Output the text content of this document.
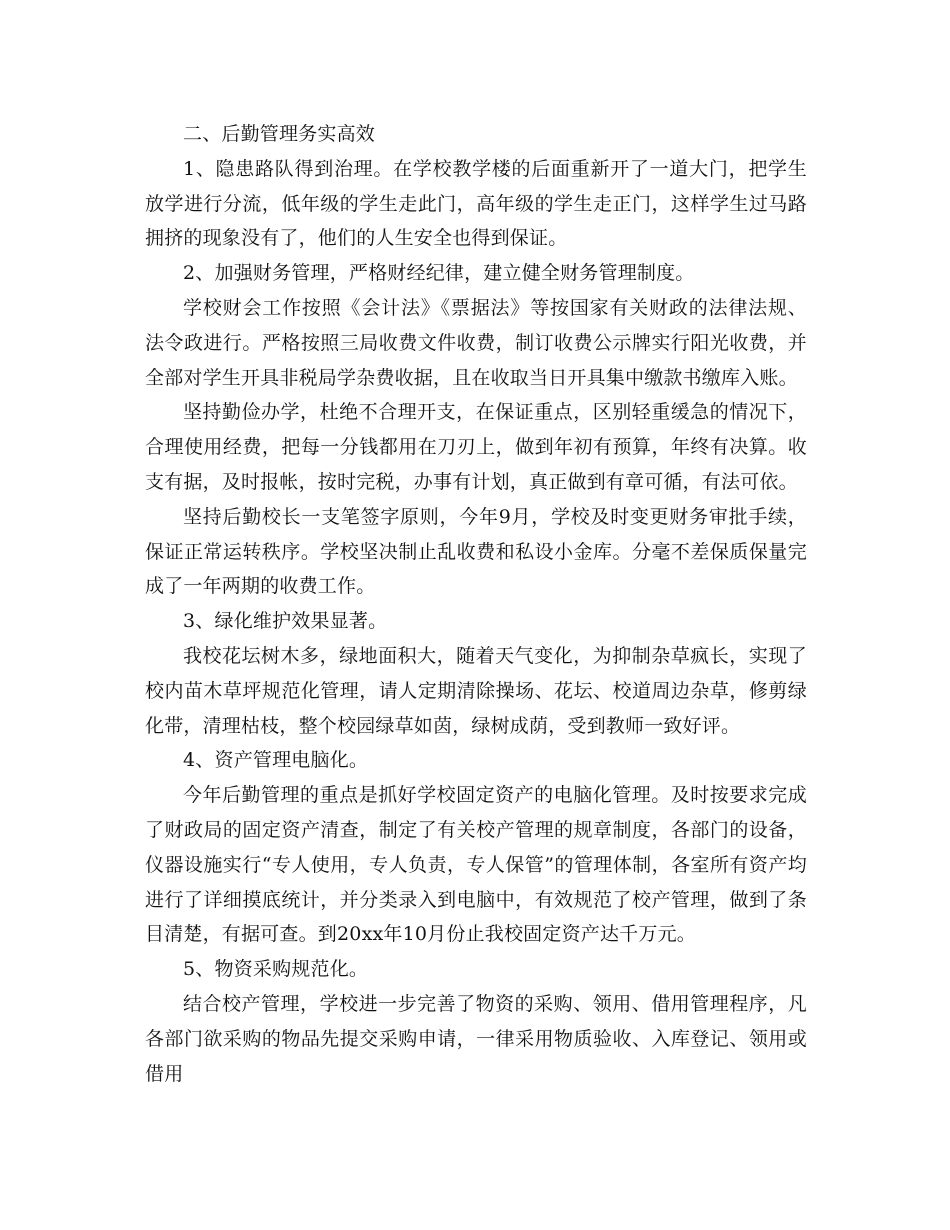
二、后勤管理务实高效

1、隐患路队得到治理。在学校教学楼的后面重新开了一道大门，把学生放学进行分流，低年级的学生走此门，高年级的学生走正门，这样学生过马路拥挤的现象没有了，他们的人生安全也得到保证。

2、加强财务管理，严格财经纪律，建立健全财务管理制度。

学校财会工作按照《会计法》《票据法》等按国家有关财政的法律法规、法令政进行。严格按照三局收费文件收费，制订收费公示牌实行阳光收费，并全部对学生开具非税局学杂费收据，且在收取当日开具集中缴款书缴库入账。

坚持勤俭办学，杜绝不合理开支，在保证重点，区别轻重缓急的情况下，合理使用经费，把每一分钱都用在刀刃上，做到年初有预算，年终有决算。收支有据，及时报帐，按时完税，办事有计划，真正做到有章可循，有法可依。

坚持后勤校长一支笔签字原则，今年9月，学校及时变更财务审批手续，保证正常运转秩序。学校坚决制止乱收费和私设小金库。分毫不差保质保量完成了一年两期的收费工作。

3、绿化维护效果显著。

我校花坛树木多，绿地面积大，随着天气变化，为抑制杂草疯长，实现了校内苗木草坪规范化管理，请人定期清除操场、花坛、校道周边杂草，修剪绿化带，清理枯枝，整个校园绿草如茵，绿树成荫，受到教师一致好评。

4、资产管理电脑化。

今年后勤管理的重点是抓好学校固定资产的电脑化管理。及时按要求完成了财政局的固定资产清查，制定了有关校产管理的规章制度，各部门的设备，仪器设施实行“专人使用，专人负责，专人保管”的管理体制，各室所有资产均进行了详细摸底统计，并分类录入到电脑中，有效规范了校产管理，做到了条目清楚，有据可查。到20xx年10月份止我校固定资产达千万元。

5、物资采购规范化。

结合校产管理，学校进一步完善了物资的采购、领用、借用管理程序，凡各部门欲采购的物品先提交采购申请，一律采用物质验收、入库登记、领用或借用
